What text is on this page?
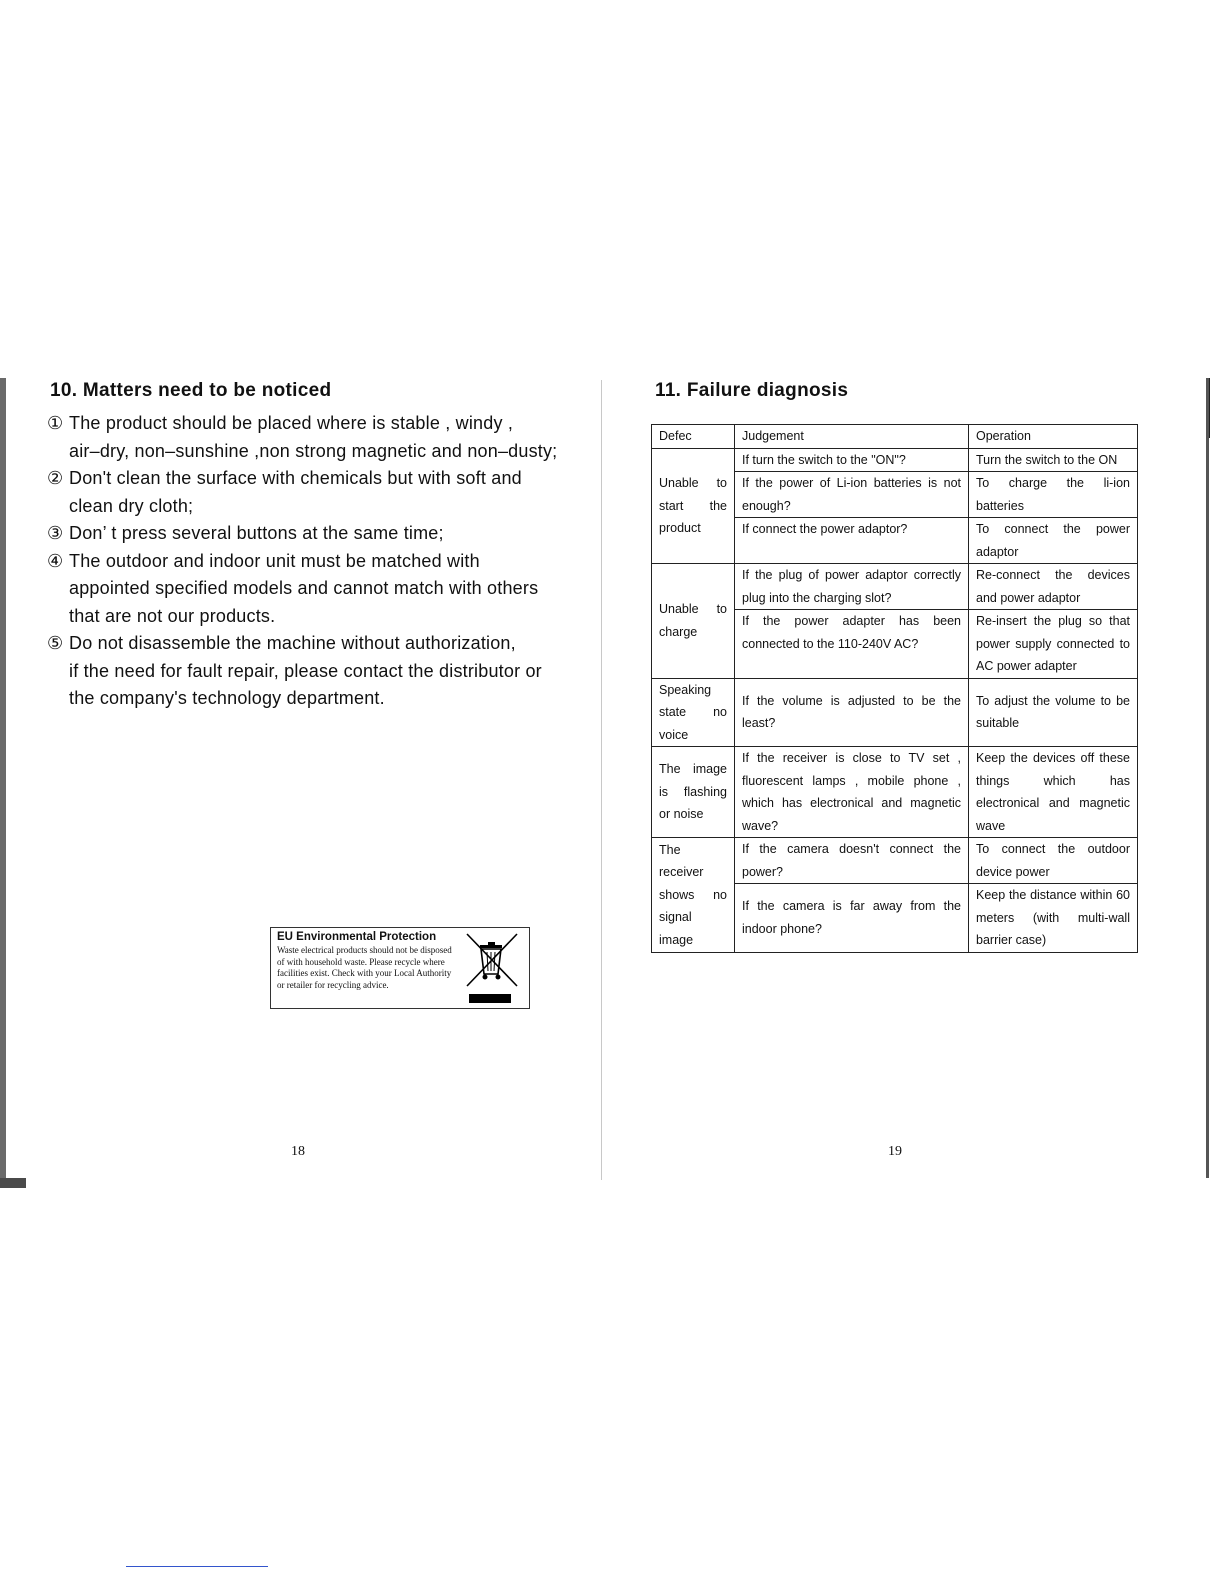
10. Matters need to be noticed
① The product should be placed where is stable , windy ,
air–dry, non–sunshine ,non strong magnetic and non–dusty;
② Don't clean the surface with chemicals but with soft and
clean dry cloth;
③ Don’ t press several buttons at the same time;
④ The outdoor and indoor unit must be matched with
appointed specified models and cannot match with others that are not our products.
⑤ Do not disassemble the machine without authorization,
if the need for fault repair, please contact the distributor or the company's technology department.
EU Environmental Protection
Waste electrical products should not be disposed of with household waste. Please recycle where facilities exist. Check with your Local Authority or retailer for recycling advice.
18
11. Failure diagnosis
Defec	Judgement	Operation
Unable to start the product	If turn the switch to the "ON"?	Turn the switch to the ON
	If the power of Li-ion batteries is not enough?	To charge the li-ion batteries
	If connect the power adaptor?	To connect the power adaptor
Unable to charge	If the plug of power adaptor correctly plug into the charging slot?	Re-connect the devices and power adaptor
	If the power adapter has been connected to the 110-240V AC?	Re-insert the plug so that power supply connected to AC power adapter
Speaking state no voice	If the volume is adjusted to be the least?	To adjust the volume to be suitable
The image is flashing or noise	If the receiver is close to TV set , fluorescent lamps , mobile phone , which has electronical and magnetic wave?	Keep the devices off these things which has electronical and magnetic wave
The receiver shows no signal image	If the camera doesn't connect the power?	To connect the outdoor device power
	If the camera is far away from the indoor phone?	Keep the distance within 60 meters (with multi-wall barrier case)
19
